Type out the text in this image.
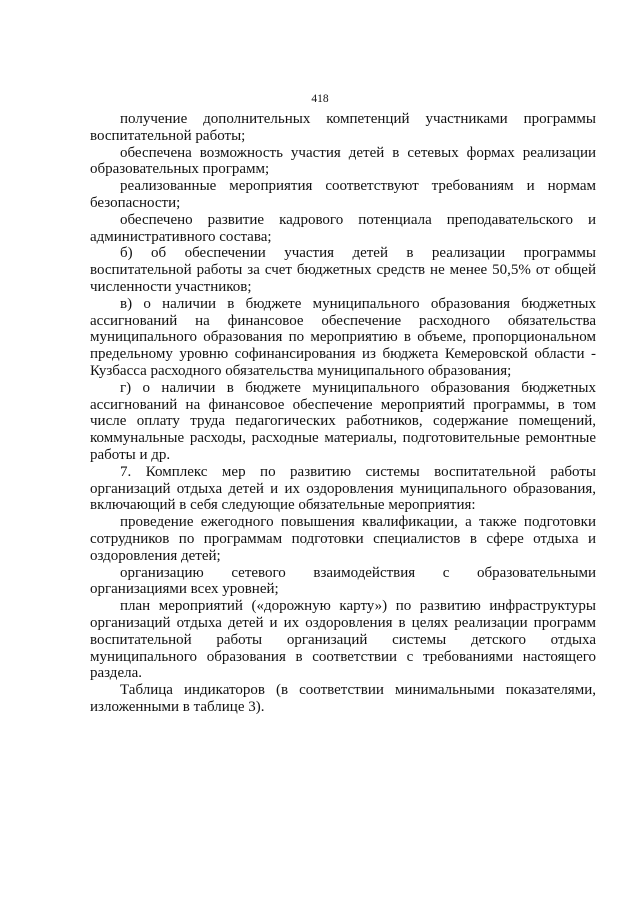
418

получение дополнительных компетенций участниками программы воспитательной работы;

обеспечена возможность участия детей в сетевых формах реализации образовательных программ;

реализованные мероприятия соответствуют требованиям и нормам безопасности;

обеспечено развитие кадрового потенциала преподавательского и административного состава;

б) об обеспечении участия детей в реализации программы воспитательной работы за счет бюджетных средств не менее 50,5% от общей численности участников;

в) о наличии в бюджете муниципального образования бюджетных ассигнований на финансовое обеспечение расходного обязательства муниципального образования по мероприятию в объеме, пропорциональном предельному уровню софинансирования из бюджета Кемеровской области - Кузбасса расходного обязательства муниципального образования;

г) о наличии в бюджете муниципального образования бюджетных ассигнований на финансовое обеспечение мероприятий программы, в том числе оплату труда педагогических работников, содержание помещений, коммунальные расходы, расходные материалы, подготовительные ремонтные работы и др.

7. Комплекс мер по развитию системы воспитательной работы организаций отдыха детей и их оздоровления муниципального образования, включающий в себя следующие обязательные мероприятия:

проведение ежегодного повышения квалификации, а также подготовки сотрудников по программам подготовки специалистов в сфере отдыха и оздоровления детей;

организацию сетевого взаимодействия с образовательными организациями всех уровней;

план мероприятий («дорожную карту») по развитию инфраструктуры организаций отдыха детей и их оздоровления в целях реализации программ воспитательной работы организаций системы детского отдыха муниципального образования в соответствии с требованиями настоящего раздела.

Таблица индикаторов (в соответствии минимальными показателями, изложенными в таблице 3).
